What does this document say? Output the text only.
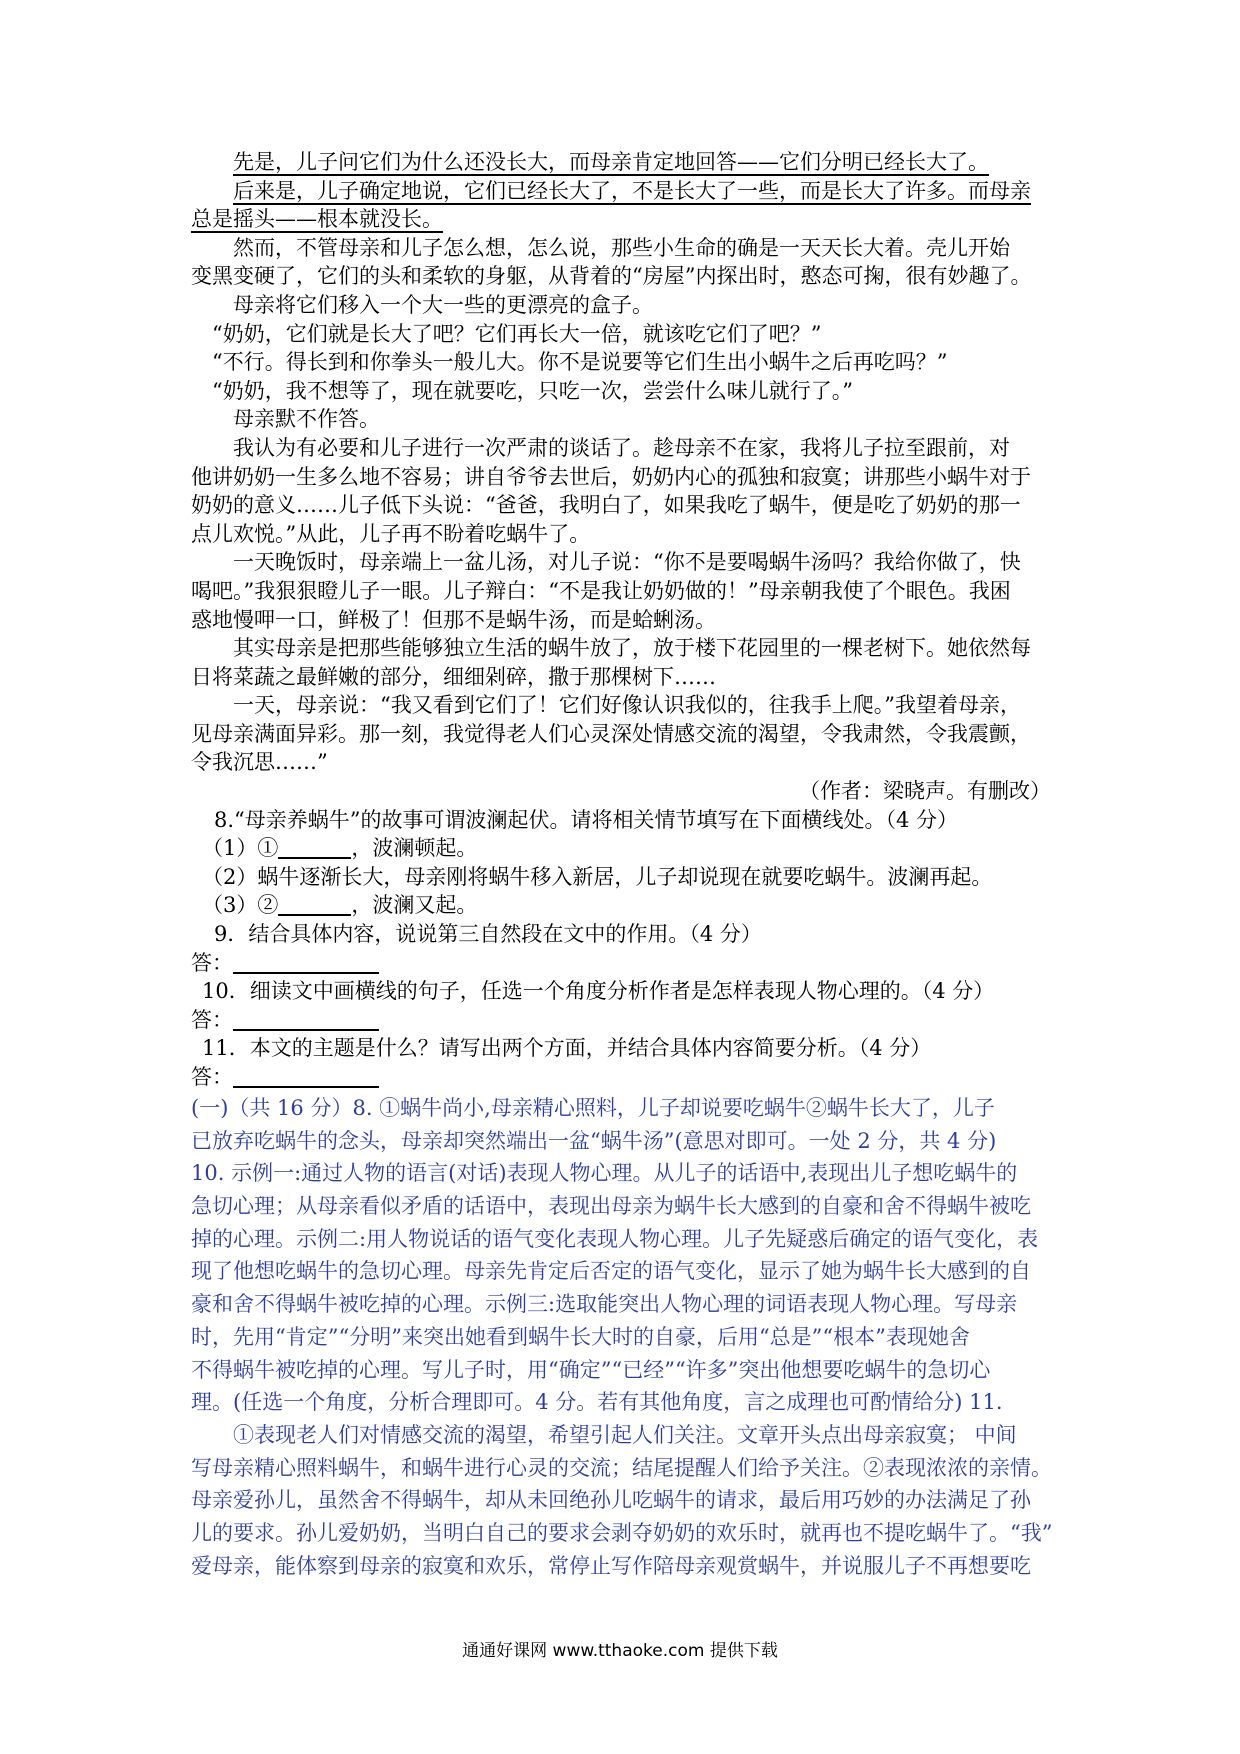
先是，儿子问它们为什么还没长大，而母亲肯定地回答——它们分明已经长大了。
后来是，儿子确定地说，它们已经长大了，不是长大了一些，而是长大了许多。而母亲
总是摇头——根本就没长。
然而，不管母亲和儿子怎么想，怎么说，那些小生命的确是一天天长大着。壳儿开始
变黑变硬了，它们的头和柔软的身躯，从背着的“房屋”内探出时，憨态可掬，很有妙趣了。
母亲将它们移入一个大一些的更漂亮的盒子。
“奶奶，它们就是长大了吧？它们再长大一倍，就该吃它们了吧？”
“不行。得长到和你拳头一般儿大。你不是说要等它们生出小蜗牛之后再吃吗？”
“奶奶，我不想等了，现在就要吃，只吃一次，尝尝什么味儿就行了。”
母亲默不作答。
我认为有必要和儿子进行一次严肃的谈话了。趁母亲不在家，我将儿子拉至跟前，对
他讲奶奶一生多么地不容易；讲自爷爷去世后，奶奶内心的孤独和寂寞；讲那些小蜗牛对于
奶奶的意义……儿子低下头说：“爸爸，我明白了，如果我吃了蜗牛，便是吃了奶奶的那一
点儿欢悦。”从此，儿子再不盼着吃蜗牛了。
一天晚饭时，母亲端上一盆儿汤，对儿子说：“你不是要喝蜗牛汤吗？我给你做了，快
喝吧。”我狠狠瞪儿子一眼。儿子辩白：“不是我让奶奶做的！”母亲朝我使了个眼色。我困
惑地慢呷一口，鲜极了！但那不是蜗牛汤，而是蛤蜊汤。
其实母亲是把那些能够独立生活的蜗牛放了，放于楼下花园里的一棵老树下。她依然每
日将菜蔬之最鲜嫩的部分，细细剁碎，撒于那棵树下……
一天，母亲说：“我又看到它们了！它们好像认识我似的，往我手上爬。”我望着母亲，
见母亲满面异彩。那一刻，我觉得老人们心灵深处情感交流的渴望，令我肃然，令我震颤，
令我沉思……”
（作者：梁晓声。有删改）
8.“母亲养蜗牛”的故事可谓波澜起伏。请将相关情节填写在下面横线处。（4 分）
（1）①	，波澜顿起。
（2）蜗牛逐渐长大，母亲刚将蜗牛移入新居，儿子却说现在就要吃蜗牛。波澜再起。
（3）②	，波澜又起。
9．结合具体内容，说说第三自然段在文中的作用。（4 分）
答：
10．细读文中画横线的句子，任选一个角度分析作者是怎样表现人物心理的。（4 分）
答：
11．本文的主题是什么？请写出两个方面，并结合具体内容简要分析。（4 分）
答：
(一)（共 16 分）8. ①蜗牛尚小,母亲精心照料，儿子却说要吃蜗牛②蜗牛长大了，儿子
已放弃吃蜗牛的念头，母亲却突然端出一盆“蜗牛汤”(意思对即可。一处 2 分，共 4 分)
10. 示例一:通过人物的语言(对话)表现人物心理。从儿子的话语中,表现出儿子想吃蜗牛的
急切心理；从母亲看似矛盾的话语中，表现出母亲为蜗牛长大感到的自豪和舍不得蜗牛被吃
掉的心理。示例二:用人物说话的语气变化表现人物心理。儿子先疑惑后确定的语气变化，表
现了他想吃蜗牛的急切心理。母亲先肯定后否定的语气变化，显示了她为蜗牛长大感到的自
豪和舍不得蜗牛被吃掉的心理。示例三:选取能突出人物心理的词语表现人物心理。写母亲
时，先用“肯定”“分明”来突出她看到蜗牛长大时的自豪，后用“总是”“根本”表现她舍
不得蜗牛被吃掉的心理。写儿子时，用“确定”“已经”“许多”突出他想要吃蜗牛的急切心
理。(任选一个角度，分析合理即可。4 分。若有其他角度，言之成理也可酌情给分) 11.
①表现老人们对情感交流的渴望，希望引起人们关注。文章开头点出母亲寂寞； 中间
写母亲精心照料蜗牛，和蜗牛进行心灵的交流；结尾提醒人们给予关注。②表现浓浓的亲情。
母亲爱孙儿，虽然舍不得蜗牛，却从未回绝孙儿吃蜗牛的请求，最后用巧妙的办法满足了孙
儿的要求。孙儿爱奶奶，当明白自己的要求会剥夺奶奶的欢乐时，就再也不提吃蜗牛了。“我”
爱母亲，能体察到母亲的寂寞和欢乐，常停止写作陪母亲观赏蜗牛，并说服儿子不再想要吃
通通好课网 www.tthaoke.com 提供下载
